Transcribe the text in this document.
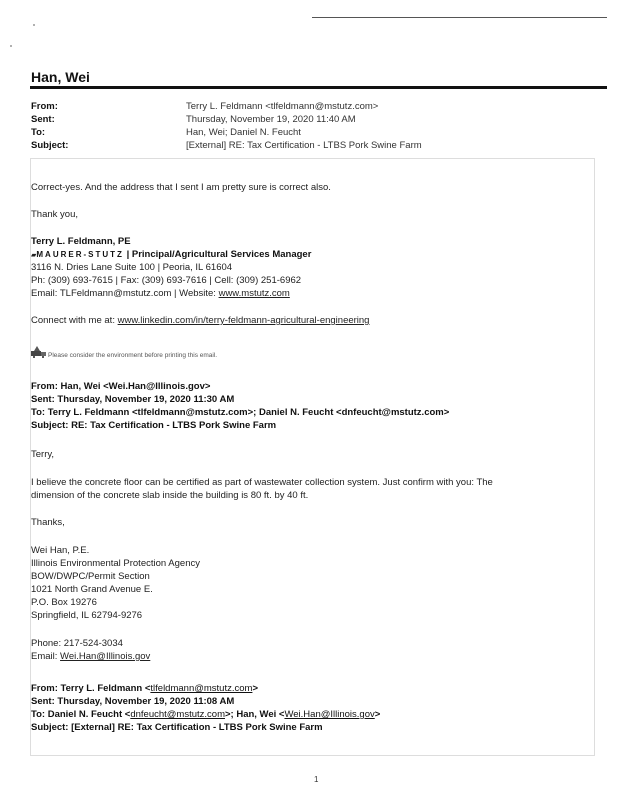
Han, Wei
From:	Terry L. Feldmann <tlfeldmann@mstutz.com>
Sent:	Thursday, November 19, 2020 11:40 AM
To:	Han, Wei; Daniel N. Feucht
Subject:	[External] RE: Tax Certification - LTBS Pork Swine Farm
Correct-yes. And the address that I sent I am pretty sure is correct also.
Thank you,
Terry L. Feldmann, PE
▰MAURER-STUTZ | Principal/Agricultural Services Manager
3116 N. Dries Lane Suite 100 | Peoria, IL 61604
Ph: (309) 693-7615 | Fax: (309) 693-7616 | Cell: (309) 251-6962
Email: TLFeldmann@mstutz.com | Website: www.mstutz.com
Connect with me at: www.linkedin.com/in/terry-feldmann-agricultural-engineering
Please consider the environment before printing this email.
From: Han, Wei <Wei.Han@Illinois.gov>
Sent: Thursday, November 19, 2020 11:30 AM
To: Terry L. Feldmann <tlfeldmann@mstutz.com>; Daniel N. Feucht <dnfeucht@mstutz.com>
Subject: RE: Tax Certification - LTBS Pork Swine Farm
Terry,
I believe the concrete floor can be certified as part of wastewater collection system. Just confirm with you: The
dimension of the concrete slab inside the building is 80 ft. by 40 ft.
Thanks,
Wei Han, P.E.
Illinois Environmental Protection Agency
BOW/DWPC/Permit Section
1021 North Grand Avenue E.
P.O. Box 19276
Springfield, IL 62794-9276
Phone: 217-524-3034
Email: Wei.Han@Illinois.gov
From: Terry L. Feldmann <tlfeldmann@mstutz.com>
Sent: Thursday, November 19, 2020 11:08 AM
To: Daniel N. Feucht <dnfeucht@mstutz.com>; Han, Wei <Wei.Han@Illinois.gov>
Subject: [External] RE: Tax Certification - LTBS Pork Swine Farm
1
